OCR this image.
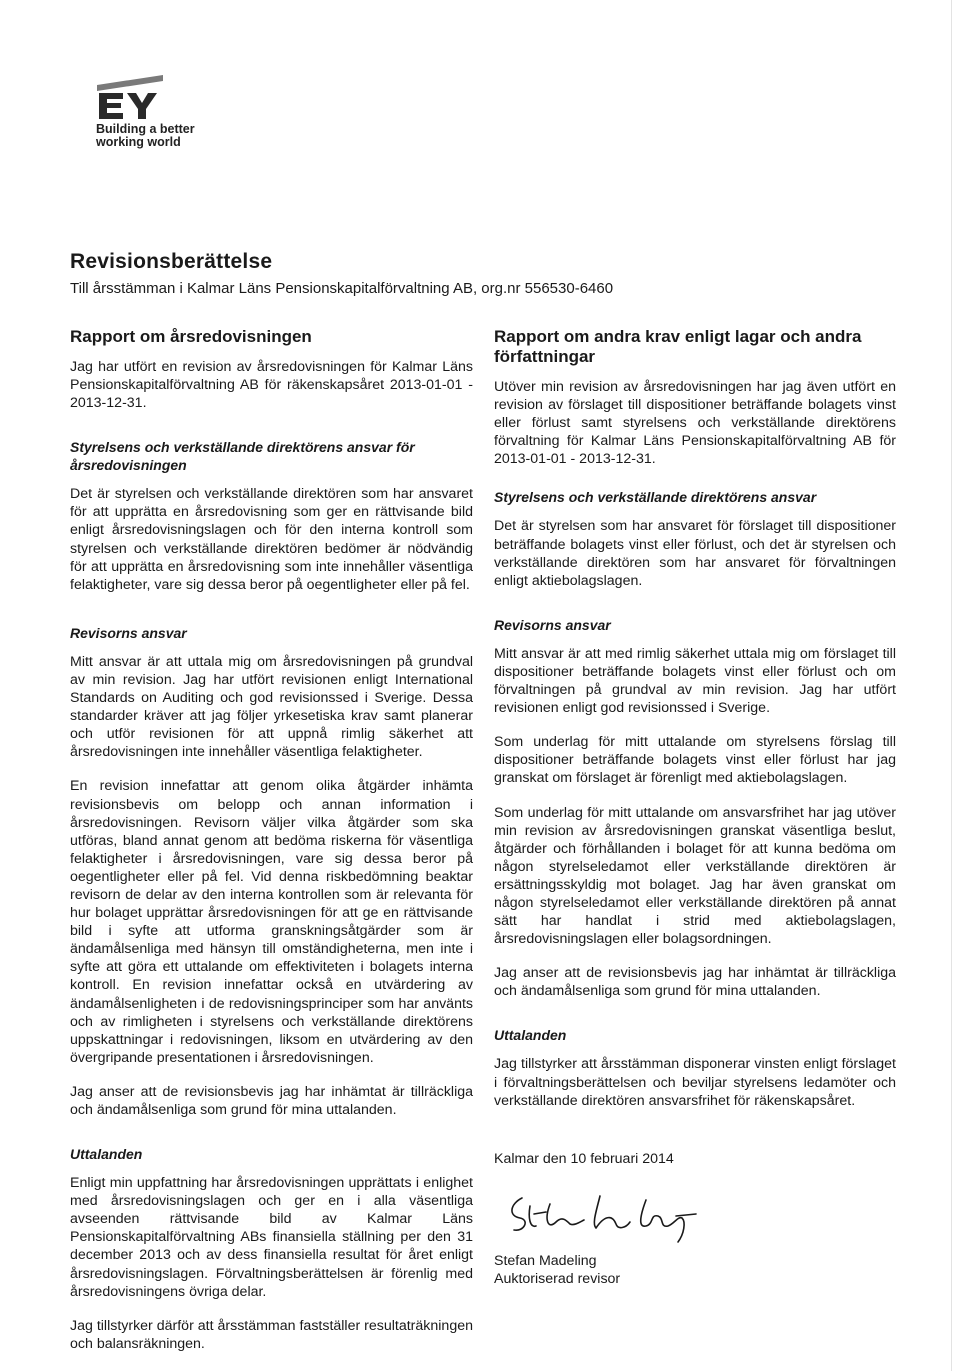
Building a better
working world
Revisionsberättelse
Till årsstämman i Kalmar Läns Pensionskapitalförvaltning AB, org.nr 556530-6460
Rapport om årsredovisningen

Jag har utfört en revision av årsredovisningen för Kalmar Läns Pensionskapitalförvaltning AB för räkenskapsåret 2013-01-01 - 2013-12-31.

Styrelsens och verkställande direktörens ansvar för årsredovisningen

Det är styrelsen och verkställande direktören som har ansvaret för att upprätta en årsredovisning som ger en rättvisande bild enligt årsredovisningslagen och för den interna kontroll som styrelsen och verkställande direktören bedömer är nödvändig för att upprätta en årsredovisning som inte innehåller väsentliga felaktigheter, vare sig dessa beror på oegentligheter eller på fel.

Revisorns ansvar

Mitt ansvar är att uttala mig om årsredovisningen på grundval av min revision. Jag har utfört revisionen enligt International Standards on Auditing och god revisionssed i Sverige. Dessa standarder kräver att jag följer yrkesetiska krav samt planerar och utför revisionen för att uppnå rimlig säkerhet att årsredovisningen inte innehåller väsentliga felaktigheter.

En revision innefattar att genom olika åtgärder inhämta revisionsbevis om belopp och annan information i årsredovisningen. Revisorn väljer vilka åtgärder som ska utföras, bland annat genom att bedöma riskerna för väsentliga felaktigheter i årsredovisningen, vare sig dessa beror på oegentligheter eller på fel. Vid denna riskbedömning beaktar revisorn de delar av den interna kontrollen som är relevanta för hur bolaget upprättar årsredovisningen för att ge en rättvisande bild i syfte att utforma granskningsåtgärder som är ändamålsenliga med hänsyn till omständigheterna, men inte i syfte att göra ett uttalande om effektiviteten i bolagets interna kontroll. En revision innefattar också en utvärdering av ändamålsenligheten i de redovisningsprinciper som har använts och av rimligheten i styrelsens och verkställande direktörens uppskattningar i redovisningen, liksom en utvärdering av den övergripande presentationen i årsredovisningen.

Jag anser att de revisionsbevis jag har inhämtat är tillräckliga och ändamålsenliga som grund för mina uttalanden.

Uttalanden

Enligt min uppfattning har årsredovisningen upprättats i enlighet med årsredovisningslagen och ger en i alla väsentliga avseenden rättvisande bild av Kalmar Läns Pensionskapitalförvaltning ABs finansiella ställning per den 31 december 2013 och av dess finansiella resultat för året enligt årsredovisningslagen. Förvaltningsberättelsen är förenlig med årsredovisningens övriga delar.

Jag tillstyrker därför att årsstämman fastställer resultaträkningen och balansräkningen.

Rapport om andra krav enligt lagar och andra författningar

Utöver min revision av årsredovisningen har jag även utfört en revision av förslaget till dispositioner beträffande bolagets vinst eller förlust samt styrelsens och verkställande direktörens förvaltning för Kalmar Läns Pensionskapitalförvaltning AB för 2013-01-01 - 2013-12-31.

Styrelsens och verkställande direktörens ansvar

Det är styrelsen som har ansvaret för förslaget till dispositioner beträffande bolagets vinst eller förlust, och det är styrelsen och verkställande direktören som har ansvaret för förvaltningen enligt aktiebolagslagen.

Revisorns ansvar

Mitt ansvar är att med rimlig säkerhet uttala mig om förslaget till dispositioner beträffande bolagets vinst eller förlust och om förvaltningen på grundval av min revision. Jag har utfört revisionen enligt god revisionssed i Sverige.

Som underlag för mitt uttalande om styrelsens förslag till dispositioner beträffande bolagets vinst eller förlust har jag granskat om förslaget är förenligt med aktiebolagslagen.

Som underlag för mitt uttalande om ansvarsfrihet har jag utöver min revision av årsredovisningen granskat väsentliga beslut, åtgärder och förhållanden i bolaget för att kunna bedöma om någon styrelseledamot eller verkställande direktören är ersättningsskyldig mot bolaget. Jag har även granskat om någon styrelseledamot eller verkställande direktören på annat sätt har handlat i strid med aktiebolagslagen, årsredovisningslagen eller bolagsordningen.

Jag anser att de revisionsbevis jag har inhämtat är tillräckliga och ändamålsenliga som grund för mina uttalanden.

Uttalanden

Jag tillstyrker att årsstämman disponerar vinsten enligt förslaget i förvaltningsberättelsen och beviljar styrelsens ledamöter och verkställande direktören ansvarsfrihet för räkenskapsåret.

Kalmar den 10 februari 2014
Stefan Madeling
Auktoriserad revisor
